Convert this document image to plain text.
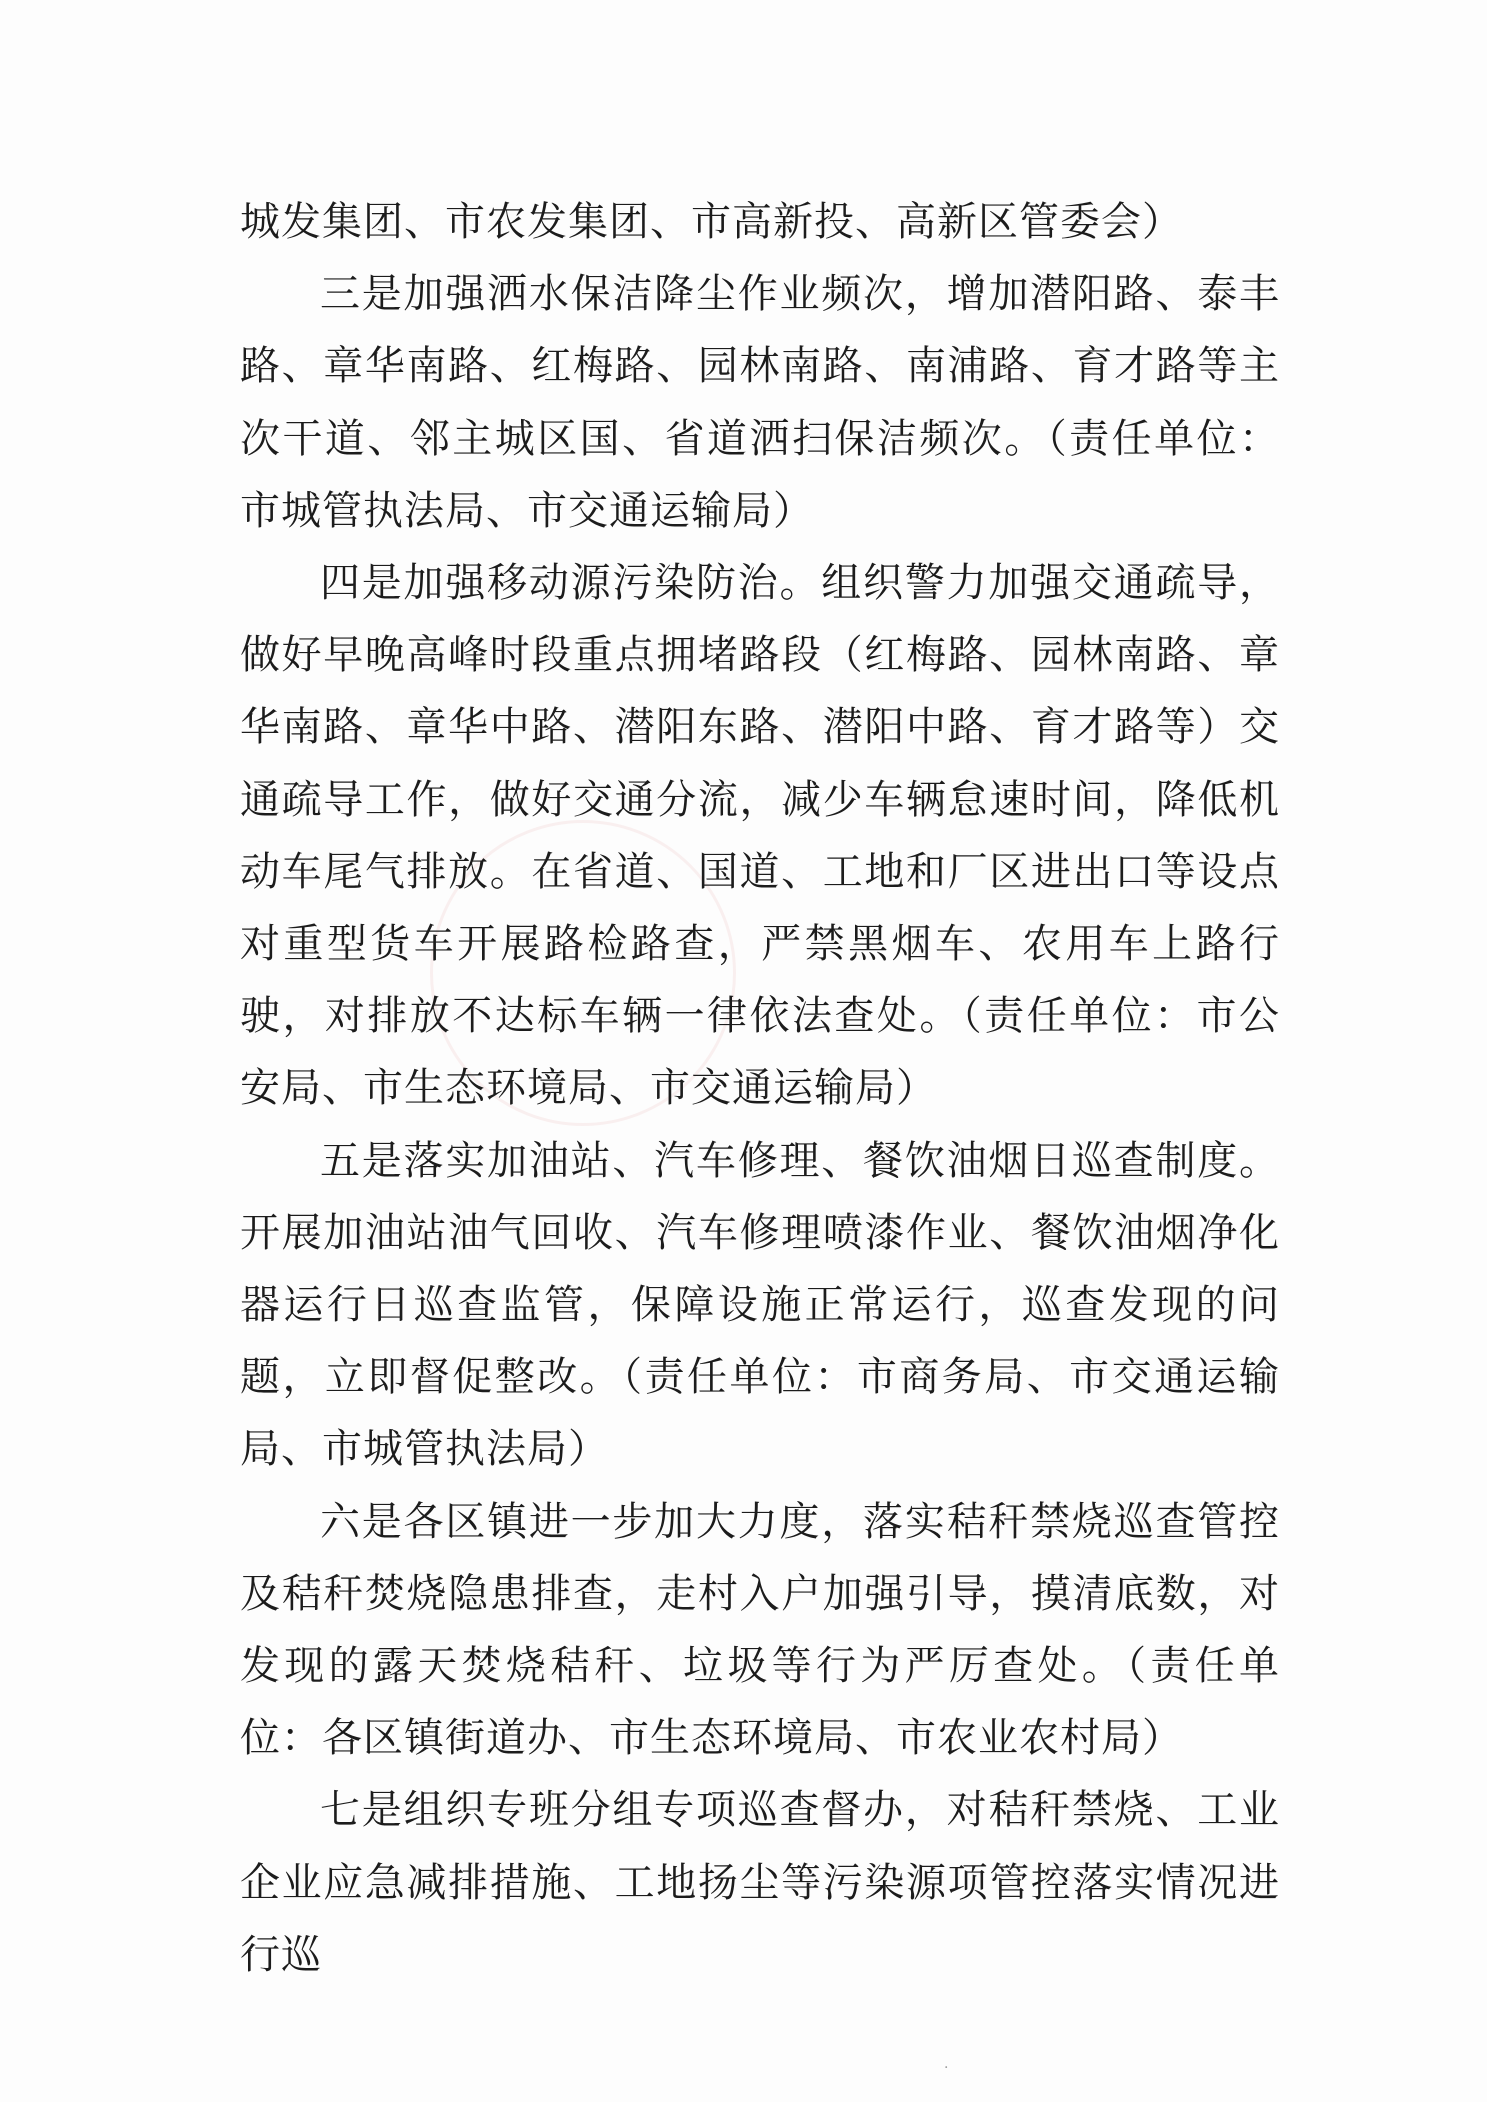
城发集团、市农发集团、市高新投、高新区管委会）

三是加强洒水保洁降尘作业频次，增加潜阳路、泰丰路、章华南路、红梅路、园林南路、南浦路、育才路等主次干道、邻主城区国、省道洒扫保洁频次。（责任单位：市城管执法局、市交通运输局）

四是加强移动源污染防治。组织警力加强交通疏导，做好早晚高峰时段重点拥堵路段（红梅路、园林南路、章华南路、章华中路、潜阳东路、潜阳中路、育才路等）交通疏导工作，做好交通分流，减少车辆怠速时间，降低机动车尾气排放。在省道、国道、工地和厂区进出口等设点对重型货车开展路检路查，严禁黑烟车、农用车上路行驶，对排放不达标车辆一律依法查处。（责任单位：市公安局、市生态环境局、市交通运输局）

五是落实加油站、汽车修理、餐饮油烟日巡查制度。开展加油站油气回收、汽车修理喷漆作业、餐饮油烟净化器运行日巡查监管，保障设施正常运行，巡查发现的问题，立即督促整改。（责任单位：市商务局、市交通运输局、市城管执法局）

六是各区镇进一步加大力度，落实秸秆禁烧巡查管控及秸秆焚烧隐患排查，走村入户加强引导，摸清底数，对发现的露天焚烧秸秆、垃圾等行为严厉查处。（责任单位：各区镇街道办、市生态环境局、市农业农村局）

七是组织专班分组专项巡查督办，对秸秆禁烧、工业企业应急减排措施、工地扬尘等污染源项管控落实情况进行巡

·
